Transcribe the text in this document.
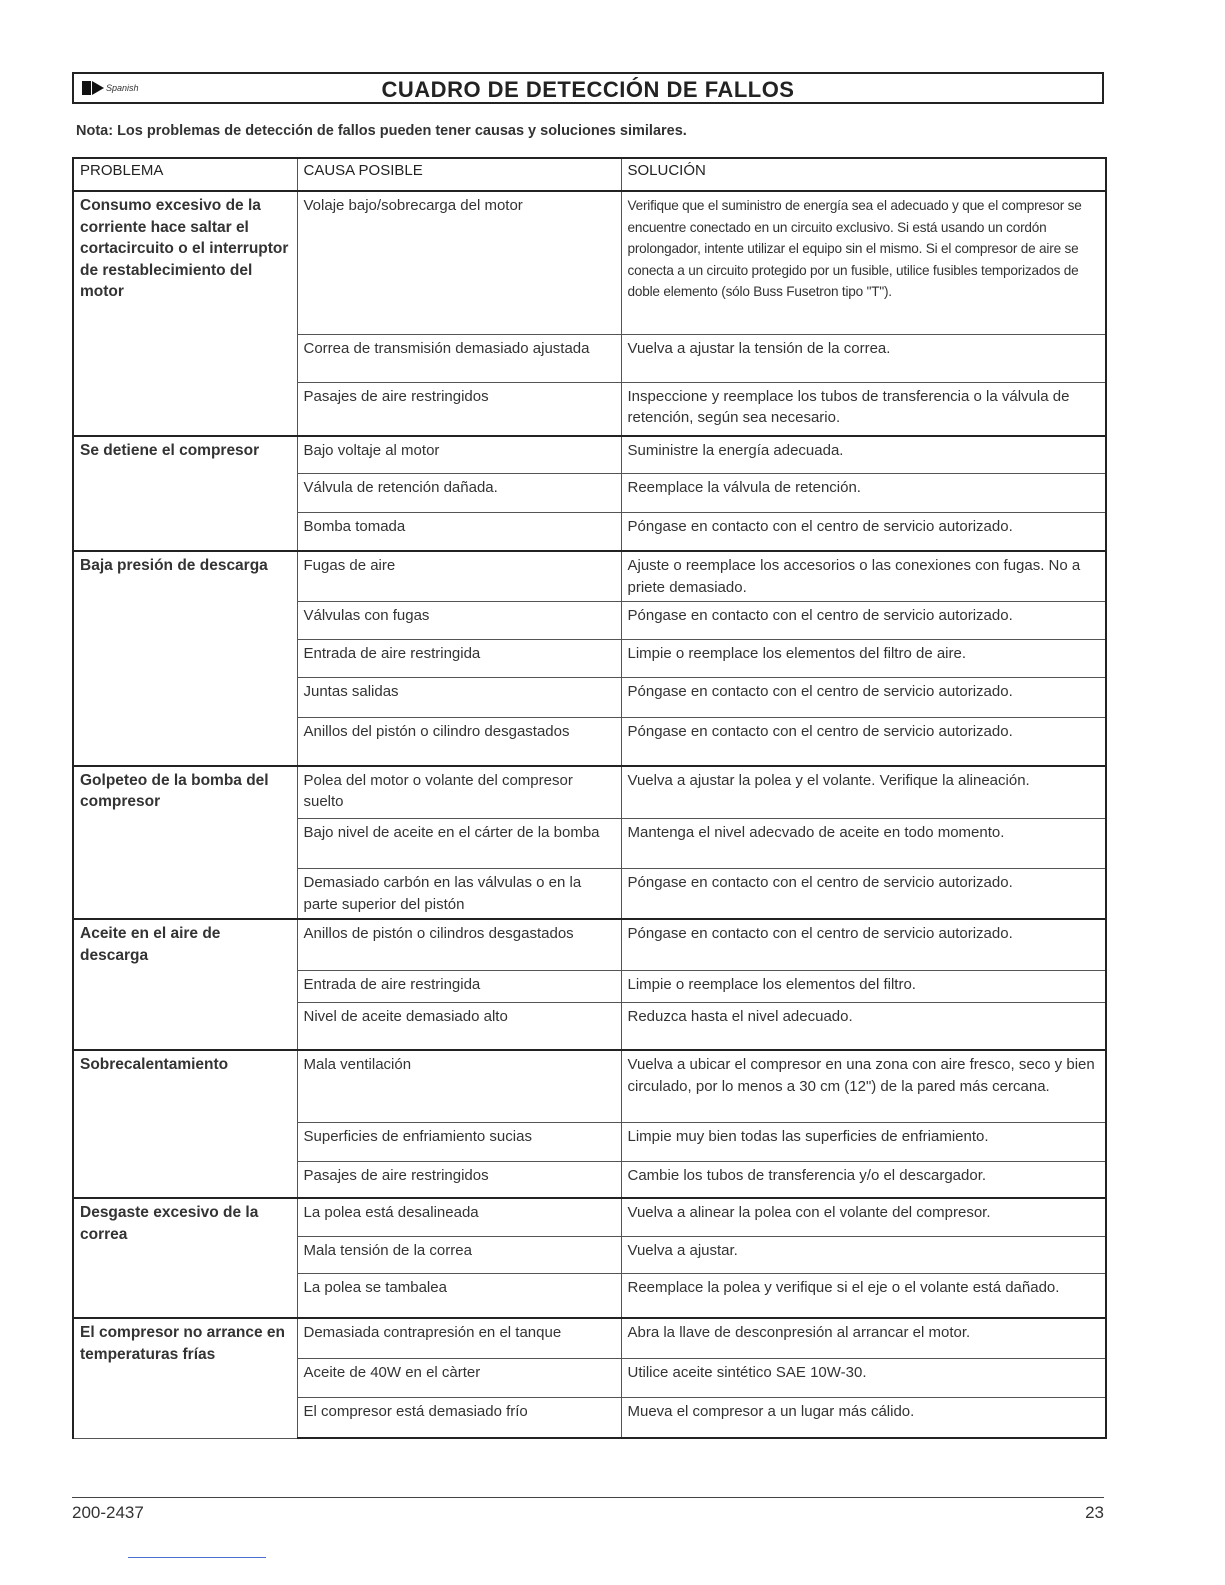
Spanish	CUADRO DE DETECCIÓN DE FALLOS
Nota: Los problemas de detección de fallos pueden tener causas y soluciones similares.
PROBLEMA	CAUSA POSIBLE	SOLUCIÓN
Consumo excesivo de la corriente hace saltar el cortacircuito o el interruptor de restablecimiento del motor	Volaje bajo/sobrecarga del motor	Verifique que el suministro de energía sea el adecuado y que el compresor se encuentre conectado en un circuito exclusivo. Si está usando un cordón prolongador, intente utilizar el equipo sin el mismo. Si el compresor de aire se conecta a un circuito protegido por un fusible, utilice fusibles temporizados de doble elemento (sólo Buss Fusetron tipo "T").
	Correa de transmisión demasiado ajustada	Vuelva a ajustar la tensión de la correa.
	Pasajes de aire restringidos	Inspeccione y reemplace los tubos de transferencia o la válvula de retención, según sea necesario.
Se detiene el compresor	Bajo voltaje al motor	Suministre la energía adecuada.
	Válvula de retención dañada.	Reemplace la válvula de retención.
	Bomba tomada	Póngase en contacto con el centro de servicio autorizado.
Baja presión de descarga	Fugas de aire	Ajuste o reemplace los accesorios o las conexiones con fugas. No a priete demasiado.
	Válvulas con fugas	Póngase en contacto con el centro de servicio autorizado.
	Entrada de aire restringida	Limpie o reemplace los elementos del filtro de aire.
	Juntas salidas	Póngase en contacto con el centro de servicio autorizado.
	Anillos del pistón o cilindro desgastados	Póngase en contacto con el centro de servicio autorizado.
Golpeteo de la bomba del compresor	Polea del motor o volante del compresor suelto	Vuelva a ajustar la polea y el volante. Verifique la alineación.
	Bajo nivel de aceite en el cárter de la bomba	Mantenga el nivel adecvado de aceite en todo momento.
	Demasiado carbón en las válvulas o en la parte superior del pistón	Póngase en contacto con el centro de servicio autorizado.
Aceite en el aire de descarga	Anillos de pistón o cilindros desgastados	Póngase en contacto con el centro de servicio autorizado.
	Entrada de aire restringida	Limpie o reemplace los elementos del filtro.
	Nivel de aceite demasiado alto	Reduzca hasta el nivel adecuado.
Sobrecalentamiento	Mala ventilación	Vuelva a ubicar el compresor en una zona con aire fresco, seco y bien circulado, por lo menos a 30 cm (12") de la pared más cercana.
	Superficies de enfriamiento sucias	Limpie muy bien todas las superficies de enfriamiento.
	Pasajes de aire restringidos	Cambie los tubos de transferencia y/o el descargador.
Desgaste excesivo de la correa	La polea está desalineada	Vuelva a alinear la polea con el volante del compresor.
	Mala tensión de la correa	Vuelva a ajustar.
	La polea se tambalea	Reemplace la polea y verifique si el eje o el volante está dañado.
El compresor no arrance en temperaturas frías	Demasiada contrapresión en el tanque	Abra la llave de desconpresión al arrancar el motor.
	Aceite de 40W en el càrter	Utilice aceite sintético SAE 10W-30.
	El compresor está demasiado frío	Mueva el compresor a un lugar más cálido.
200-2437	23
